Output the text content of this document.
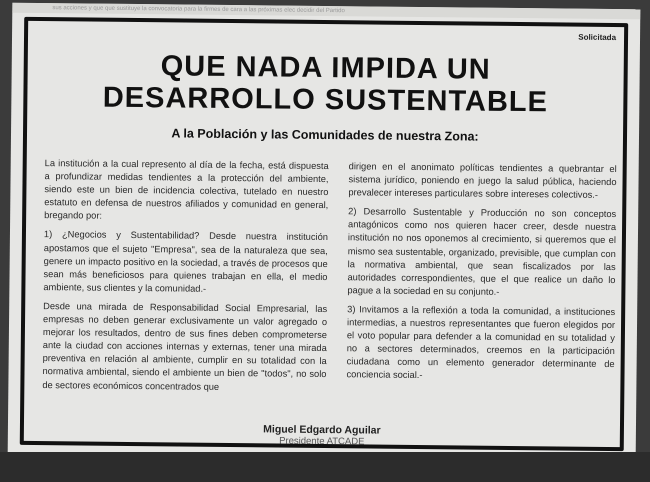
sus acciones y que que sustituye la convocatoria para la firmes de cara a las próximas elec decidir del Partido
Solicitada
QUE NADA IMPIDA UN
DESARROLLO SUSTENTABLE
A la Población y las Comunidades de nuestra Zona:

La institución a la cual represento al día de la fecha, está dispuesta a profundizar medidas tendientes a la protección del ambiente, siendo este un bien de incidencia colectiva, tutelado en nuestro estatuto en defensa de nuestros afiliados y comunidad en general, bregando por:

1) ¿Negocios y Sustentabilidad? Desde nuestra institución apostamos que el sujeto "Empresa", sea de la naturaleza que sea, genere un impacto positivo en la sociedad, a través de procesos que sean más beneficiosos para quienes trabajan en ella, el medio ambiente, sus clientes y la comunidad.-

Desde una mirada de Responsabilidad Social Empresarial, las empresas no deben generar exclusivamente un valor agregado o mejorar los resultados, dentro de sus fines deben comprometerse ante la ciudad con acciones internas y externas, tener una mirada preventiva en relación al ambiente, cumplir en su totalidad con la normativa ambiental, siendo el ambiente un bien de "todos", no solo de sectores económicos concentrados que

dirigen en el anonimato políticas tendientes a quebrantar el sistema jurídico, poniendo en juego la salud pública, haciendo prevalecer intereses particulares sobre intereses colectivos.-

2) Desarrollo Sustentable y Producción no son conceptos antagónicos como nos quieren hacer creer, desde nuestra institución no nos oponemos al crecimiento, si queremos que el mismo sea sustentable, organizado, previsible, que cumplan con la normativa ambiental, que sean fiscalizados por las autoridades correspondientes, que el que realice un daño lo pague a la sociedad en su conjunto.-

3) Invitamos a la reflexión a toda la comunidad, a instituciones intermedias, a nuestros representantes que fueron elegidos por el voto popular para defender a la comunidad en su totalidad y no a sectores determinados, creemos en la participación ciudadana como un elemento generador determinante de conciencia social.-

Miguel Edgardo Aguilar
Presidente ATCADE
